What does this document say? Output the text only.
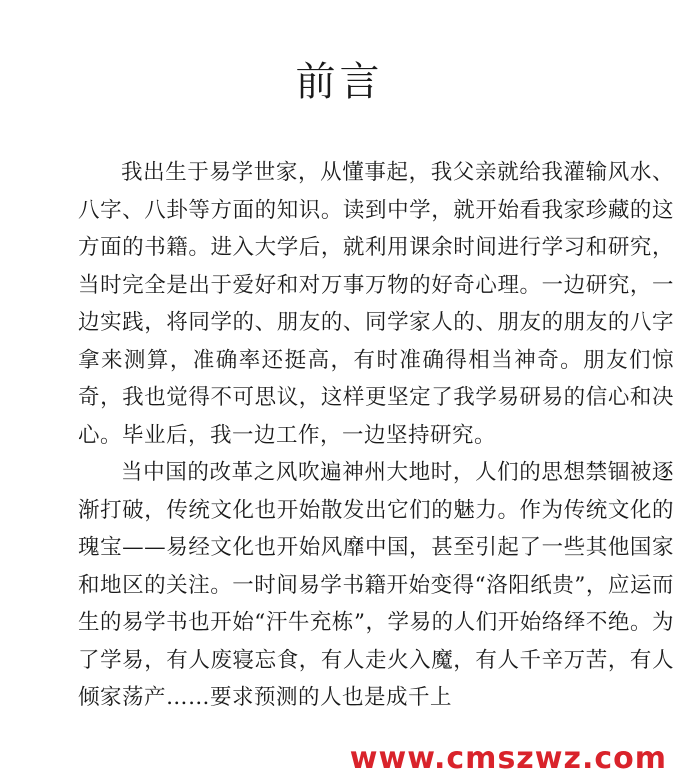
前言

我出生于易学世家，从懂事起，我父亲就给我灌输风水、八字、八卦等方面的知识。读到中学，就开始看我家珍藏的这方面的书籍。进入大学后，就利用课余时间进行学习和研究，当时完全是出于爱好和对万事万物的好奇心理。一边研究，一边实践，将同学的、朋友的、同学家人的、朋友的朋友的八字拿来测算，准确率还挺高，有时准确得相当神奇。朋友们惊奇，我也觉得不可思议，这样更坚定了我学易研易的信心和决心。毕业后，我一边工作，一边坚持研究。

当中国的改革之风吹遍神州大地时，人们的思想禁锢被逐渐打破，传统文化也开始散发出它们的魅力。作为传统文化的瑰宝——易经文化也开始风靡中国，甚至引起了一些其他国家和地区的关注。一时间易学书籍开始变得“洛阳纸贵”，应运而生的易学书也开始“汗牛充栋”，学易的人们开始络绎不绝。为了学易，有人废寝忘食，有人走火入魔，有人千辛万苦，有人倾家荡产……要求预测的人也是成千上

www.cmszwz.com
